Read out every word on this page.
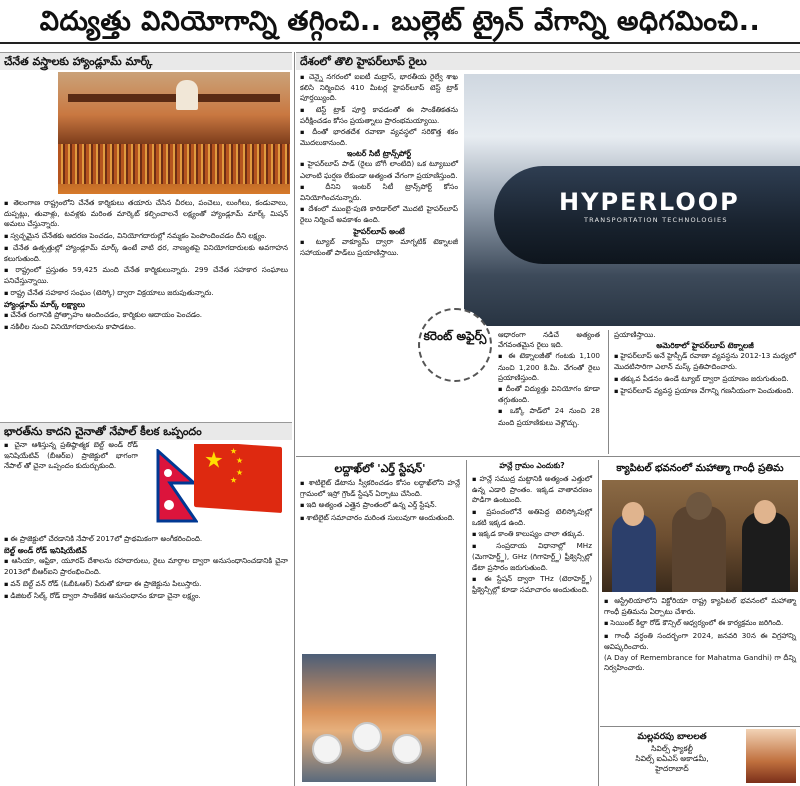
విద్యుత్తు వినియోగాన్ని తగ్గించి.. బుల్లెట్ ట్రైన్ వేగాన్ని అధిగమించి..
చేనేత వస్త్రాలకు హ్యాండ్లూమ్ మార్క్

◾ తెలంగాణ రాష్ట్రంలోని చేనేత కార్మికులు తయారు చేసిన చీరలు, పంచెలు, లుంగీలు, కండువాలు, దుప్పట్లు, తువాళ్లు, టవళ్లకు మరింత మార్కెట్ కల్పించాలనే లక్ష్యంతో హ్యాండ్లూమ్ మార్క్ మిషన్ అమలు చేస్తున్నారు.

◾ స్వచ్ఛమైన చేనేతకు ఆదరణ పెంచడం, వినియోగదారుల్లో నమ్మకం పెంపొందించడం దీని లక్ష్యం.

◾ చేనేత ఉత్పత్తుల్లో హ్యాండ్లూమ్ మార్క్ ఉంటే వాటి ధర, నాణ్యతపై వినియోగదారులకు అవగాహన కలుగుతుంది.

◾ రాష్ట్రంలో ప్రస్తుతం 59,425 మంది చేనేత కార్మికులున్నారు. 299 చేనేత సహకార సంఘాలు పనిచేస్తున్నాయి.

◾ రాష్ట్ర చేనేత సహకార సంఘం (టెస్కో) ద్వారా విక్రయాలు జరుపుతున్నారు.

హ్యాండ్లూమ్ మార్క్ లక్ష్యాలు

◾ చేనేత రంగానికి ప్రోత్సాహం అందించడం, కార్మికుల ఆదాయం పెంచడం.

◾ నకిలీల నుంచి వినియోగదారులను కాపాడటం.

భారత్‌ను కాదని చైనాతో నేపాల్ కీలక ఒప్పందం

◾ చైనా ఆశిస్తున్న ప్రతిష్ఠాత్మక బెల్ట్ అండ్ రోడ్ ఇనిషియేటివ్ (బీఆర్ఐ) ప్రాజెక్టులో భాగంగా నేపాల్ తో చైనా ఒప్పందం కుదుర్చుకుంది.	★ ★
★
★
★

◾ ఈ ప్రాజెక్టులో చేరడానికి నేపాల్ 2017లో ప్రాథమికంగా అంగీకరించింది.

బెల్ట్ అండ్ రోడ్ ఇనిషియేటివ్

◾ ఆసియా, ఆఫ్రికా, యూరప్ దేశాలను రహదారులు, రైలు మార్గాల ద్వారా అనుసంధానించడానికి చైనా 2013లో బీఆర్ఐని ప్రారంభించింది.

◾ వన్ బెల్ట్ వన్ రోడ్ (ఓబీఓఆర్) పేరుతో కూడా ఈ ప్రాజెక్టును పిలుస్తారు.

◾ డిజిటల్ సిల్క్ రోడ్ ద్వారా సాంకేతిక అనుసంధానం కూడా చైనా లక్ష్యం.

దేశంలో తొలి హైపర్‌లూప్ రైలు

◾ చెన్నై నగరంలో ఐఐటీ మద్రాస్, భారతీయ రైల్వే శాఖ కలిసి నిర్మించిన 410 మీటర్ల హైపర్‌లూప్ టెస్ట్ ట్రాక్ పూర్తయ్యింది.

◾ టెస్ట్ ట్రాక్ పూర్తి కావడంతో ఈ సాంకేతికతను పరీక్షించడం కోసం ప్రయత్నాలు ప్రారంభమయ్యాయి.

◾ దీంతో భారతదేశ రవాణా వ్యవస్థలో సరికొత్త శకం మొదలుకానుంది.

ఇంటర్ సిటీ ట్రాన్స్‌పోర్ట్

◾ హైపర్‌లూప్ పాడ్ (రైలు బోగీ లాంటిది) ఒక ట్యూబులో ఎలాంటి ఘర్షణ లేకుండా అత్యంత వేగంగా ప్రయాణిస్తుంది.

◾ దీనిని ఇంటర్ సిటీ ట్రాన్స్‌పోర్ట్ కోసం వినియోగించనున్నారు.

◾ దేశంలో ముంబై-పుణె కారిడార్‌లో మొదటి హైపర్‌లూప్ రైలు నిర్మించే అవకాశం ఉంది.

హైపర్‌లూప్ అంటే

◾ ట్యూబ్ వాక్యూమ్ ద్వారా మాగ్నటిక్ టెక్నాలజీ సహాయంతో పాడ్‌లు ప్రయాణిస్తాయి.

HYPERLOOP
TRANSPORTATION TECHNOLOGIES
కరెంట్ అఫైర్స్	ఆధారంగా నడిచే అత్యంత వేగవంతమైన రైలు ఇది.

◾ ఈ టెక్నాలజీతో గంటకు 1,100 నుంచి 1,200 కి.మీ. వేగంతో రైలు ప్రయాణిస్తుంది.

◾ దీంతో విద్యుత్తు వినియోగం కూడా తగ్గుతుంది.

◾ ఒక్కో పాడ్‌లో 24 నుంచి 28 మంది ప్రయాణికులు వెళ్లొచ్చు.

ప్రయాణిస్తాయి.

అమెరికాలో హైపర్‌లూప్ టెక్నాలజీ

◾ హైపర్‌లూప్ అనే హైస్పీడ్ రవాణా వ్యవస్థను 2012-13 మధ్యలో మొదటిసారిగా ఎలాన్ మస్క్ ప్రతిపాదించారు.

◾ తక్కువ పీడనం ఉండే ట్యూబ్ ద్వారా ప్రయాణం జరుగుతుంది.

◾ హైపర్‌లూప్ వ్యవస్థ ప్రయాణ వేగాన్ని గణనీయంగా పెంచుతుంది.

లద్దాఖ్‌లో 'ఎర్త్ స్టేషన్'

◾ శాటిలైట్ డేటాను స్వీకరించడం కోసం లద్దాఖ్‌లోని హన్లే గ్రామంలో ఇస్రో గ్రౌండ్ స్టేషన్ ఏర్పాటు చేసింది.

◾ ఇది అత్యంత ఎత్తైన ప్రాంతంలో ఉన్న ఎర్త్ స్టేషన్.

◾ శాటిలైట్ సమాచారం మరింత సులువుగా అందుతుంది.

హన్లే గ్రామం ఎందుకు?

◾ హన్లే సముద్ర మట్టానికి అత్యంత ఎత్తులో ఉన్న ఎడారి ప్రాంతం. ఇక్కడ వాతావరణం పొడిగా ఉంటుంది.

◾ ప్రపంచంలోనే అతిపెద్ద టెలిస్కోపుల్లో ఒకటి ఇక్కడ ఉంది.

◾ ఇక్కడ కాంతి కాలుష్యం చాలా తక్కువ.

◾ సంప్రదాయ విధానాల్లో MHz (మెగాహెర్ట్జ్), GHz (గిగాహెర్ట్జ్) ఫ్రీక్వెన్సీల్లో డేటా ప్రసారం జరుగుతుంది.

◾ ఈ స్టేషన్ ద్వారా THz (టెరాహెర్ట్జ్) ఫ్రీక్వెన్సీల్లో కూడా సమాచారం అందుతుంది.

క్యాపిటల్ భవనంలో మహాత్మా గాంధీ ప్రతిమ

◾ ఆస్ట్రేలియాలోని విక్టోరియా రాష్ట్ర క్యాపిటల్ భవనంలో మహాత్మా గాంధీ ప్రతిమను ఏర్పాటు చేశారు.

◾ సెయింట్ కిల్డా రోడ్ కౌన్సిల్ ఆధ్వర్యంలో ఈ కార్యక్రమం జరిగింది.

◾ గాంధీ వర్ధంతి సందర్భంగా 2024, జనవరి 30న ఈ విగ్రహాన్ని ఆవిష్కరించారు.

(A Day of Remembrance for Mahatma Gandhi) గా దీన్ని నిర్వహించారు.

మల్లవరపు బాలలత
సివిల్స్ ఫ్యాకల్టీ
సివిల్స్ ఐఏఎస్ అకాడమీ,
హైదరాబాద్
